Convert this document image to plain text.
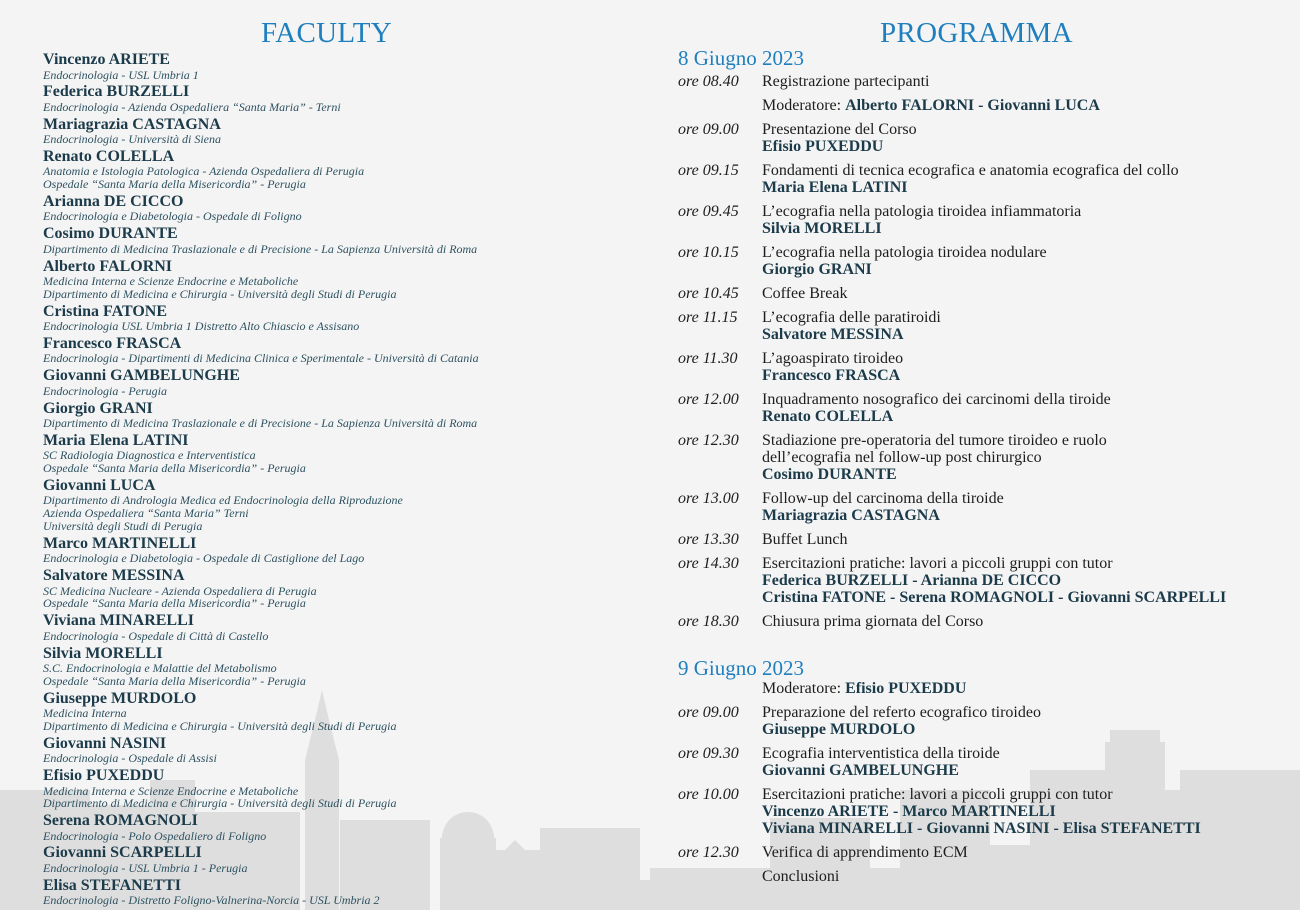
FACULTY
Vincenzo ARIETE
Endocrinologia - USL Umbria 1
Federica BURZELLI
Endocrinologia - Azienda Ospedaliera “Santa Maria” - Terni
Mariagrazia CASTAGNA
Endocrinologia - Università di Siena
Renato COLELLA
Anatomia e Istologia Patologica - Azienda Ospedaliera di Perugia
Ospedale “Santa Maria della Misericordia” - Perugia
Arianna DE CICCO
Endocrinologia e Diabetologia - Ospedale di Foligno
Cosimo DURANTE
Dipartimento di Medicina Traslazionale e di Precisione - La Sapienza Università di Roma
Alberto FALORNI
Medicina Interna e Scienze Endocrine e Metaboliche
Dipartimento di Medicina e Chirurgia - Università degli Studi di Perugia
Cristina FATONE
Endocrinologia USL Umbria 1 Distretto Alto Chiascio e Assisano
Francesco FRASCA
Endocrinologia - Dipartimenti di Medicina Clinica e Sperimentale - Università di Catania
Giovanni GAMBELUNGHE
Endocrinologia - Perugia
Giorgio GRANI
Dipartimento di Medicina Traslazionale e di Precisione - La Sapienza Università di Roma
Maria Elena LATINI
SC Radiologia Diagnostica e Interventistica
Ospedale “Santa Maria della Misericordia” - Perugia
Giovanni LUCA
Dipartimento di Andrologia Medica ed Endocrinologia della Riproduzione
Azienda Ospedaliera “Santa Maria” Terni
Università degli Studi di Perugia
Marco MARTINELLI
Endocrinologia e Diabetologia - Ospedale di Castiglione del Lago
Salvatore MESSINA
SC Medicina Nucleare - Azienda Ospedaliera di Perugia
Ospedale “Santa Maria della Misericordia” - Perugia
Viviana MINARELLI
Endocrinologia - Ospedale di Città di Castello
Silvia MORELLI
S.C. Endocrinologia e Malattie del Metabolismo
Ospedale “Santa Maria della Misericordia” - Perugia
Giuseppe MURDOLO
Medicina Interna
Dipartimento di Medicina e Chirurgia - Università degli Studi di Perugia
Giovanni NASINI
Endocrinologia - Ospedale di Assisi
Efisio PUXEDDU
Medicina Interna e Scienze Endocrine e Metaboliche
Dipartimento di Medicina e Chirurgia - Università degli Studi di Perugia
Serena ROMAGNOLI
Endocrinologia - Polo Ospedaliero di Foligno
Giovanni SCARPELLI
Endocrinologia - USL Umbria 1 - Perugia
Elisa STEFANETTI
Endocrinologia - Distretto Foligno-Valnerina-Norcia - USL Umbria 2
PROGRAMMA
8 Giugno 2023
ore 08.40	Registrazione partecipanti
Moderatore: Alberto FALORNI - Giovanni LUCA
ore 09.00	Presentazione del Corso
Efisio PUXEDDU
ore 09.15	Fondamenti di tecnica ecografica e anatomia ecografica del collo
Maria Elena LATINI
ore 09.45	L’ecografia nella patologia tiroidea infiammatoria
Silvia MORELLI
ore 10.15	L’ecografia nella patologia tiroidea nodulare
Giorgio GRANI
ore 10.45	Coffee Break
ore 11.15	L’ecografia delle paratiroidi
Salvatore MESSINA
ore 11.30	L’agoaspirato tiroideo
Francesco FRASCA
ore 12.00	Inquadramento nosografico dei carcinomi della tiroide
Renato COLELLA
ore 12.30	Stadiazione pre-operatoria del tumore tiroideo e ruolo
dell’ecografia nel follow-up post chirurgico
Cosimo DURANTE
ore 13.00	Follow-up del carcinoma della tiroide
Mariagrazia CASTAGNA
ore 13.30	Buffet Lunch
ore 14.30	Esercitazioni pratiche: lavori a piccoli gruppi con tutor
Federica BURZELLI - Arianna DE CICCO
Cristina FATONE - Serena ROMAGNOLI - Giovanni SCARPELLI
ore 18.30	Chiusura prima giornata del Corso
9 Giugno 2023
Moderatore: Efisio PUXEDDU
ore 09.00	Preparazione del referto ecografico tiroideo
Giuseppe MURDOLO
ore 09.30	Ecografia interventistica della tiroide
Giovanni GAMBELUNGHE
ore 10.00	Esercitazioni pratiche: lavori a piccoli gruppi con tutor
Vincenzo ARIETE - Marco MARTINELLI
Viviana MINARELLI - Giovanni NASINI - Elisa STEFANETTI
ore 12.30	Verifica di apprendimento ECM
Conclusioni
